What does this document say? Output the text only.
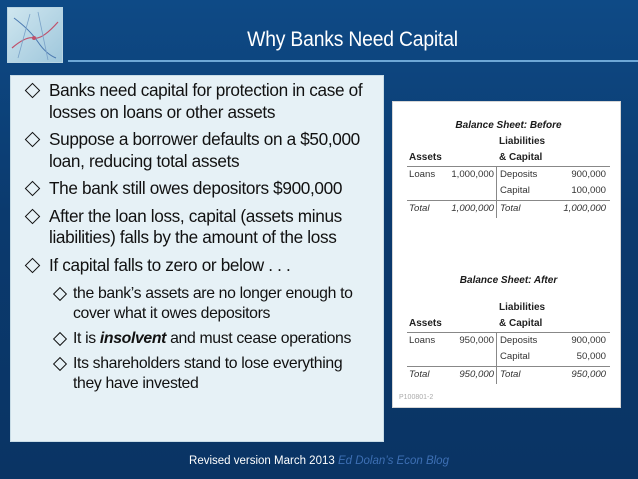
Why Banks Need Capital
Banks need capital for protection in case of losses on loans or other assets
Suppose a borrower defaults on a $50,000 loan, reducing total assets
The bank still owes depositors $900,000
After the loan loss, capital (assets minus liabilities) falls by the amount of the loss
If capital falls to zero or below . . .
the bank’s assets are no longer enough to cover what it owes depositors
It is insolvent and must cease operations
Its shareholders stand to lose everything they have invested
Balance Sheet: Before
Liabilities
Assets	& Capital
Loans 1,000,000 Deposits	900,000
Capital	100,000
Total 1,000,000 Total	1,000,000
Balance Sheet: After
Liabilities
Assets	& Capital
Loans	950,000 Deposits	900,000
Capital	50,000
Total	950,000 Total	950,000
P100801-2
Revised version March 2013 Ed Dolan’s Econ Blog
